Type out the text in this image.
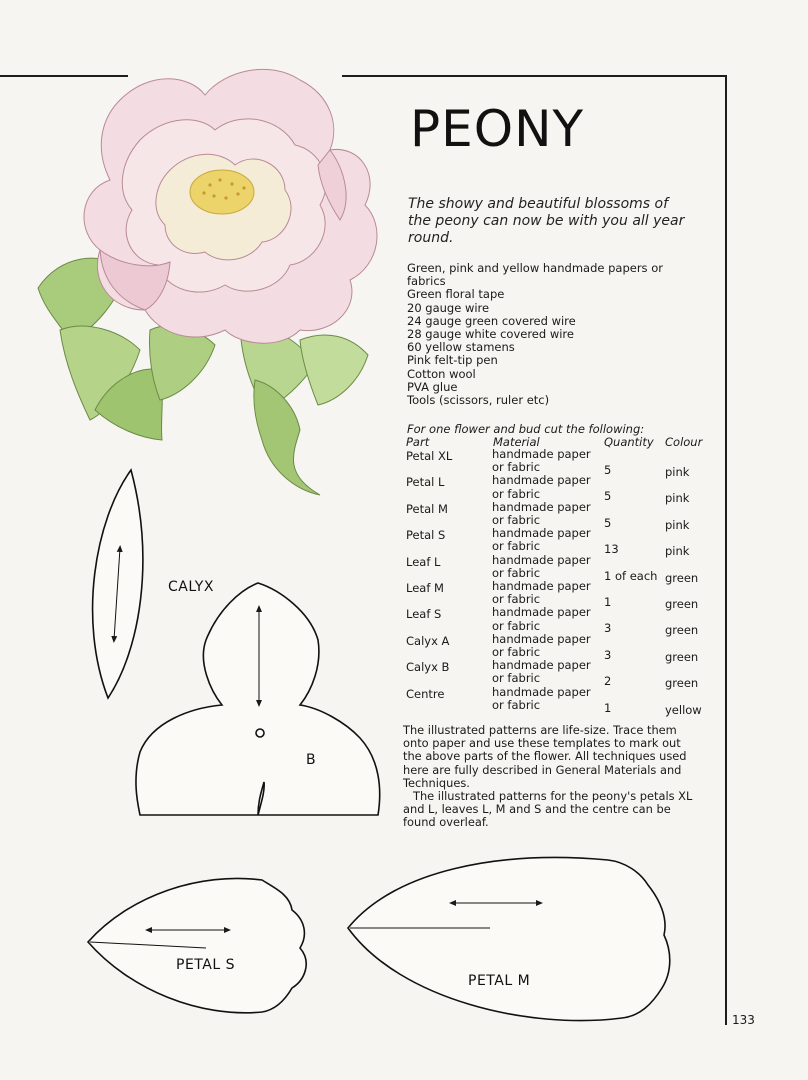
PEONY
The showy and beautiful blossoms of
the peony can now be with you all year
round.
Green, pink and yellow handmade papers or
fabrics
Green floral tape
20 gauge wire
24 gauge green covered wire
28 gauge white covered wire
60 yellow stamens
Pink felt-tip pen
Cotton wool
PVA glue
Tools (scissors, ruler etc)
For one flower and bud cut the following:
Part	Material	Quantity Colour
Petal XL	handmade paper
or fabric	5	pink
Petal L	handmade paper
or fabric	5	pink
Petal M	handmade paper
or fabric	5	pink
Petal S	handmade paper
or fabric	13	pink
Leaf L	handmade paper
or fabric	1 of each green
Leaf M	handmade paper
or fabric	1	green
Leaf S	handmade paper
or fabric	3	green
Calyx A	handmade paper
or fabric	3	green
Calyx B	handmade paper
or fabric	2	green
Centre	handmade paper
or fabric	1	yellow

The illustrated patterns are life-size. Trace them onto paper and use these templates to mark out the above parts of the flower. All techniques used here are fully described in General Materials and Techniques.

The illustrated patterns for the peony's petals XL and L, leaves L, M and S and the centre can be found overleaf.

CALYX
B
PETAL S
PETAL M
133
